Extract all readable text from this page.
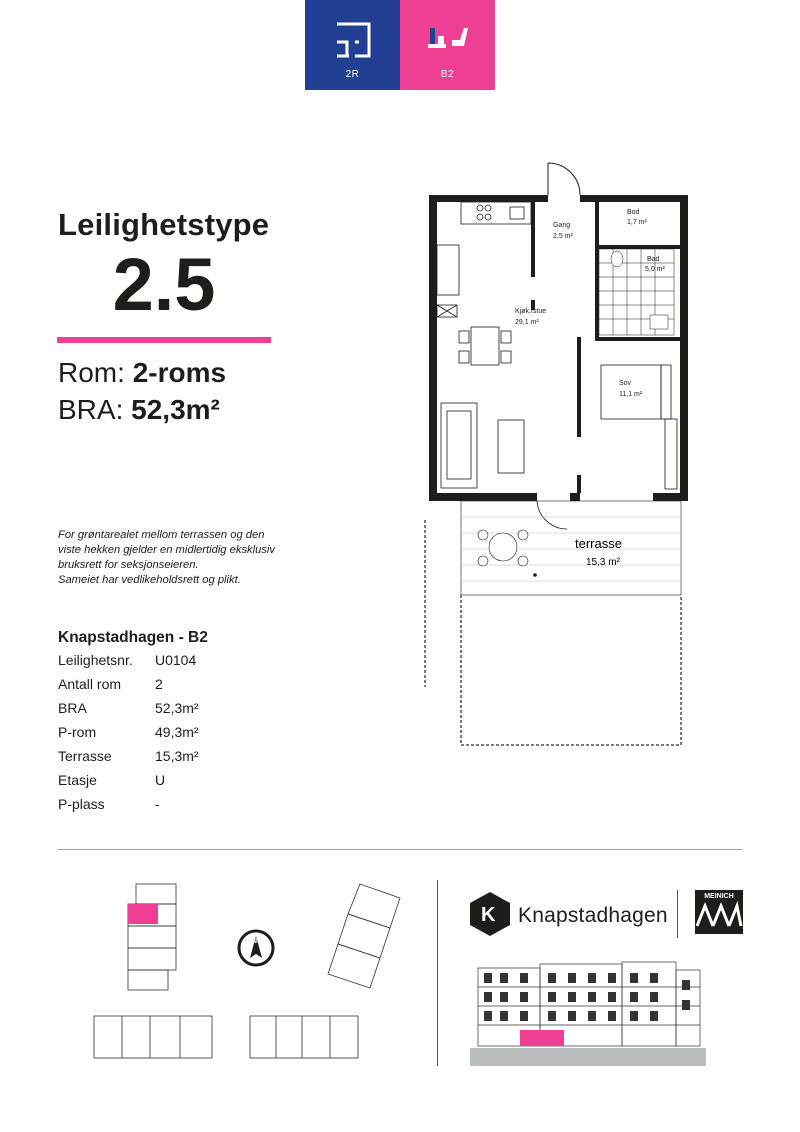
2R	B2
Leilighetstype
2.5
Rom: 2-roms
BRA: 52,3m²
For grøntarealet mellom terrassen og den
viste hekken gjelder en midlertidig eksklusiv
bruksrett for seksjonseieren.
Sameiet har vedlikeholdsrett og plikt.
Knapstadhagen - B2
Leilighetsnr.	U0104
Antall rom	2
BRA	52,3m²
P-rom	49,3m²
Terrasse	15,3m²
Etasje	U
P-plass	-
Gang
2,5 m²
Bod
1,7 m²
Bad
5,0 m²
Kjøk./stue
29,1 m²
Sov
11,1 m²
terrasse
15,3 m²
N
K Knapstadhagen
MEINICH
